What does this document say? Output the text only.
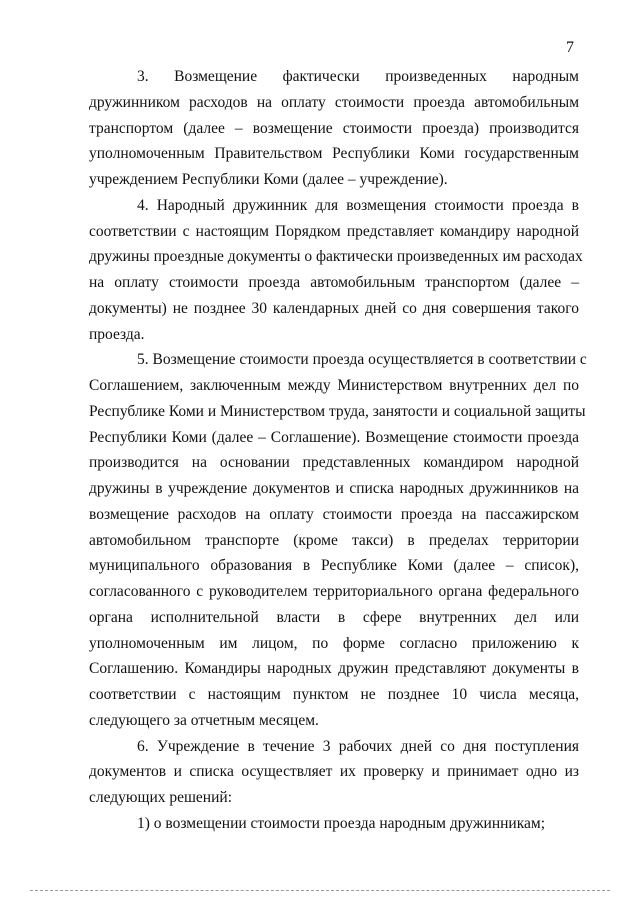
7
3. Возмещение фактически произведенных народным
дружинником расходов на оплату стоимости проезда автомобильным
транспортом (далее – возмещение стоимости проезда) производится
уполномоченным Правительством Республики Коми государственным
учреждением Республики Коми (далее – учреждение).
4. Народный дружинник для возмещения стоимости проезда в
соответствии с настоящим Порядком представляет командиру народной
дружины проездные документы о фактически произведенных им расходах
на оплату стоимости проезда автомобильным транспортом (далее –
документы) не позднее 30 календарных дней со дня совершения такого
проезда.
5. Возмещение стоимости проезда осуществляется в соответствии с
Соглашением, заключенным между Министерством внутренних дел по
Республике Коми и Министерством труда, занятости и социальной защиты
Республики Коми (далее – Соглашение). Возмещение стоимости проезда
производится на основании представленных командиром народной
дружины в учреждение документов и списка народных дружинников на
возмещение расходов на оплату стоимости проезда на пассажирском
автомобильном транспорте (кроме такси) в пределах территории
муниципального образования в Республике Коми (далее – список),
согласованного с руководителем территориального органа федерального
органа исполнительной власти в сфере внутренних дел или
уполномоченным им лицом, по форме согласно приложению к
Соглашению. Командиры народных дружин представляют документы в
соответствии с настоящим пунктом не позднее 10 числа месяца,
следующего за отчетным месяцем.
6. Учреждение в течение 3 рабочих дней со дня поступления
документов и списка осуществляет их проверку и принимает одно из
следующих решений:
1) о возмещении стоимости проезда народным дружинникам;
